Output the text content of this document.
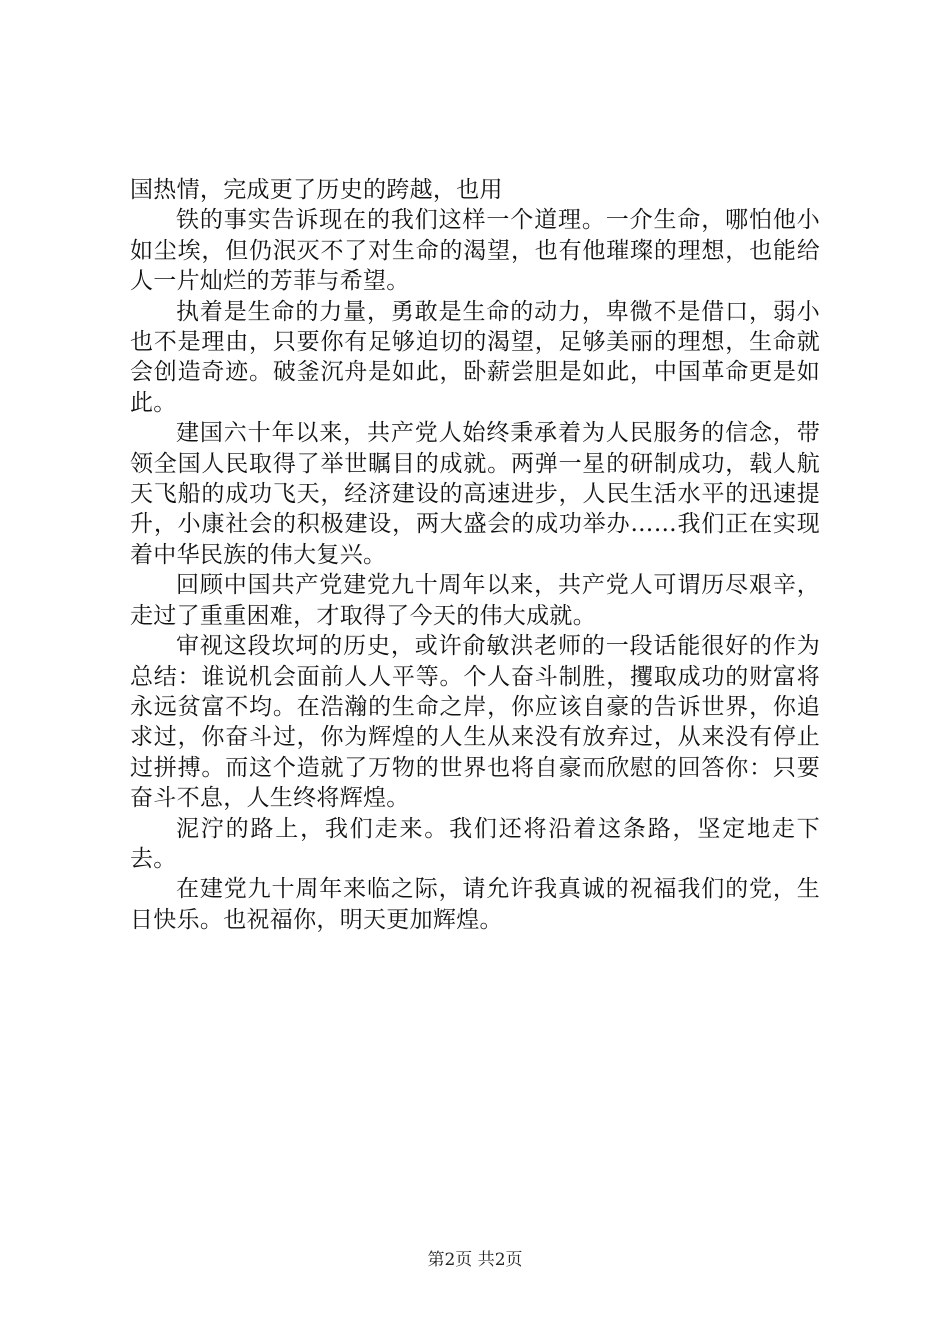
国热情，完成更了历史的跨越，也用

铁的事实告诉现在的我们这样一个道理。一介生命，哪怕他小如尘埃，但仍泯灭不了对生命的渴望，也有他璀璨的理想，也能给人一片灿烂的芳菲与希望。

执着是生命的力量，勇敢是生命的动力，卑微不是借口，弱小也不是理由，只要你有足够迫切的渴望，足够美丽的理想，生命就会创造奇迹。破釜沉舟是如此，卧薪尝胆是如此，中国革命更是如此。

建国六十年以来，共产党人始终秉承着为人民服务的信念，带领全国人民取得了举世瞩目的成就。两弹一星的研制成功，载人航天飞船的成功飞天，经济建设的高速进步，人民生活水平的迅速提升，小康社会的积极建设，两大盛会的成功举办……我们正在实现着中华民族的伟大复兴。

回顾中国共产党建党九十周年以来，共产党人可谓历尽艰辛，走过了重重困难，才取得了今天的伟大成就。

审视这段坎坷的历史，或许俞敏洪老师的一段话能很好的作为总结：谁说机会面前人人平等。个人奋斗制胜，攫取成功的财富将永远贫富不均。在浩瀚的生命之岸，你应该自豪的告诉世界，你追求过，你奋斗过，你为辉煌的人生从来没有放弃过，从来没有停止过拼搏。而这个造就了万物的世界也将自豪而欣慰的回答你：只要奋斗不息，人生终将辉煌。

泥泞的路上，我们走来。我们还将沿着这条路，坚定地走下去。

在建党九十周年来临之际，请允许我真诚的祝福我们的党，生日快乐。也祝福你，明天更加辉煌。

第2页 共2页
